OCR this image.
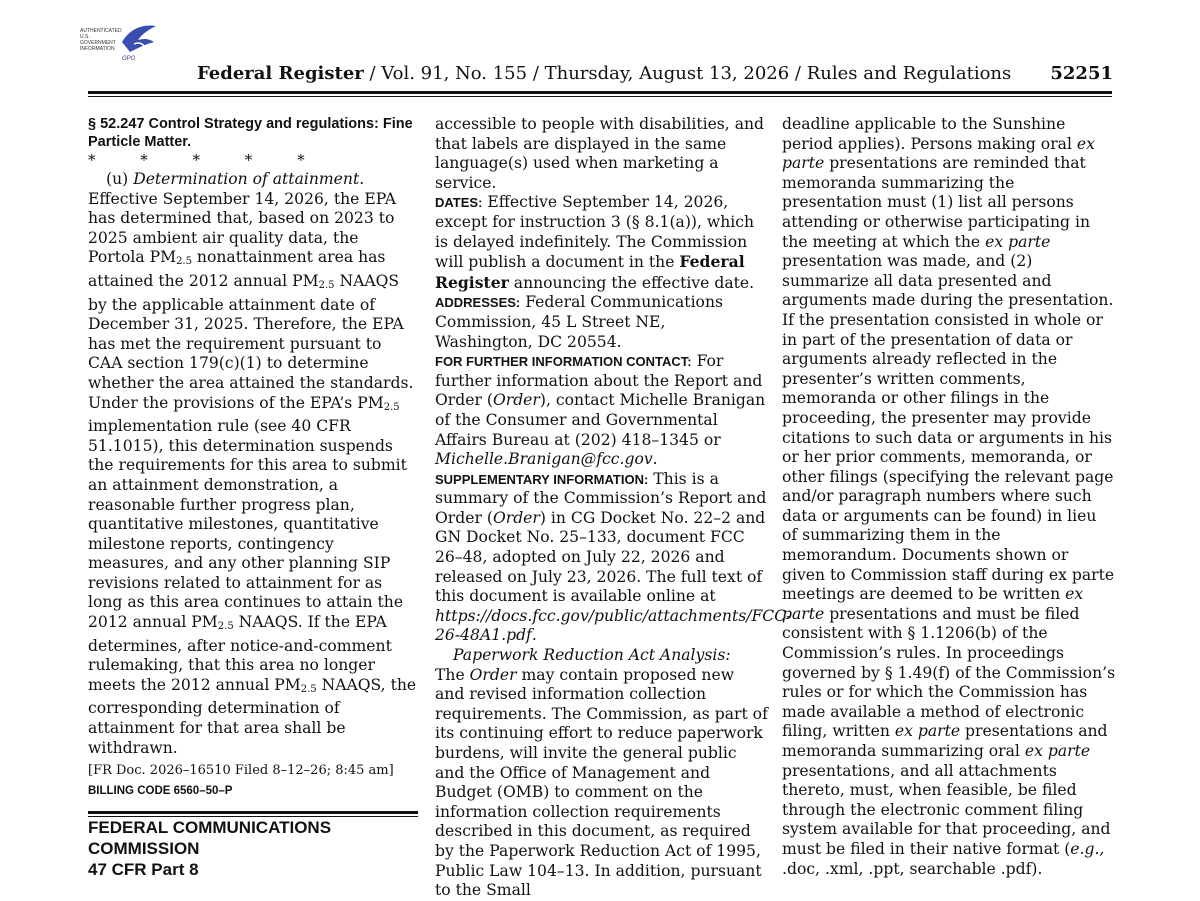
AUTHENTICATED U.S. GOVERNMENT INFORMATION
GPO
Federal Register / Vol. 91, No. 155 / Thursday, August 13, 2026 / Rules and Regulations 52251

§ 52.247 Control Strategy and regulations: Fine Particle Matter.

* * * * *

(u) Determination of attainment. Effective September 14, 2026, the EPA has determined that, based on 2023 to 2025 ambient air quality data, the Portola $PM_{2.5}$ nonattainment area has attained the 2012 annual $PM_{2.5}$ NAAQS by the applicable attainment date of December 31, 2025. Therefore, the EPA has met the requirement pursuant to CAA section 179(c)(1) to determine whether the area attained the standards. Under the provisions of the EPA’s $PM_{2.5}$ implementation rule (see 40 CFR 51.1015), this determination suspends the requirements for this area to submit an attainment demonstration, a reasonable further progress plan, quantitative milestones, quantitative milestone reports, contingency measures, and any other planning SIP revisions related to attainment for as long as this area continues to attain the 2012 annual $PM_{2.5}$ NAAQS. If the EPA determines, after notice-and-comment rulemaking, that this area no longer meets the 2012 annual $PM_{2.5}$ NAAQS, the corresponding determination of attainment for that area shall be withdrawn.

[FR Doc. 2026–16510 Filed 8–12–26; 8:45 am]

BILLING CODE 6560–50–P

FEDERAL COMMUNICATIONS COMMISSION

47 CFR Part 8

accessible to people with disabilities, and that labels are displayed in the same language(s) used when marketing a service.

DATES: Effective September 14, 2026, except for instruction 3 (§ 8.1(a)), which is delayed indefinitely. The Commission will publish a document in the Federal Register announcing the effective date.

ADDRESSES: Federal Communications Commission, 45 L Street NE, Washington, DC 20554.

FOR FURTHER INFORMATION CONTACT: For further information about the Report and Order (Order), contact Michelle Branigan of the Consumer and Governmental Affairs Bureau at (202) 418–1345 or Michelle.Branigan@fcc.gov.

SUPPLEMENTARY INFORMATION: This is a summary of the Commission’s Report and Order (Order) in CG Docket No. 22–2 and GN Docket No. 25–133, document FCC 26–48, adopted on July 22, 2026 and released on July 23, 2026. The full text of this document is available online at https://docs.fcc.gov/public/attachments/FCC-26-48A1.pdf.

Paperwork Reduction Act Analysis:

The Order may contain proposed new and revised information collection requirements. The Commission, as part of its continuing effort to reduce paperwork burdens, will invite the general public and the Office of Management and Budget (OMB) to comment on the information collection requirements described in this document, as required by the Paperwork Reduction Act of 1995, Public Law 104–13. In addition, pursuant to the Small

deadline applicable to the Sunshine period applies). Persons making oral ex parte presentations are reminded that memoranda summarizing the presentation must (1) list all persons attending or otherwise participating in the meeting at which the ex parte presentation was made, and (2) summarize all data presented and arguments made during the presentation. If the presentation consisted in whole or in part of the presentation of data or arguments already reflected in the presenter’s written comments, memoranda or other filings in the proceeding, the presenter may provide citations to such data or arguments in his or her prior comments, memoranda, or other filings (specifying the relevant page and/or paragraph numbers where such data or arguments can be found) in lieu of summarizing them in the memorandum. Documents shown or given to Commission staff during ex parte meetings are deemed to be written ex parte presentations and must be filed consistent with § 1.1206(b) of the Commission’s rules. In proceedings governed by § 1.49(f) of the Commission’s rules or for which the Commission has made available a method of electronic filing, written ex parte presentations and memoranda summarizing oral ex parte presentations, and all attachments thereto, must, when feasible, be filed through the electronic comment filing system available for that proceeding, and must be filed in their native format (e.g., .doc, .xml, .ppt, searchable .pdf).
